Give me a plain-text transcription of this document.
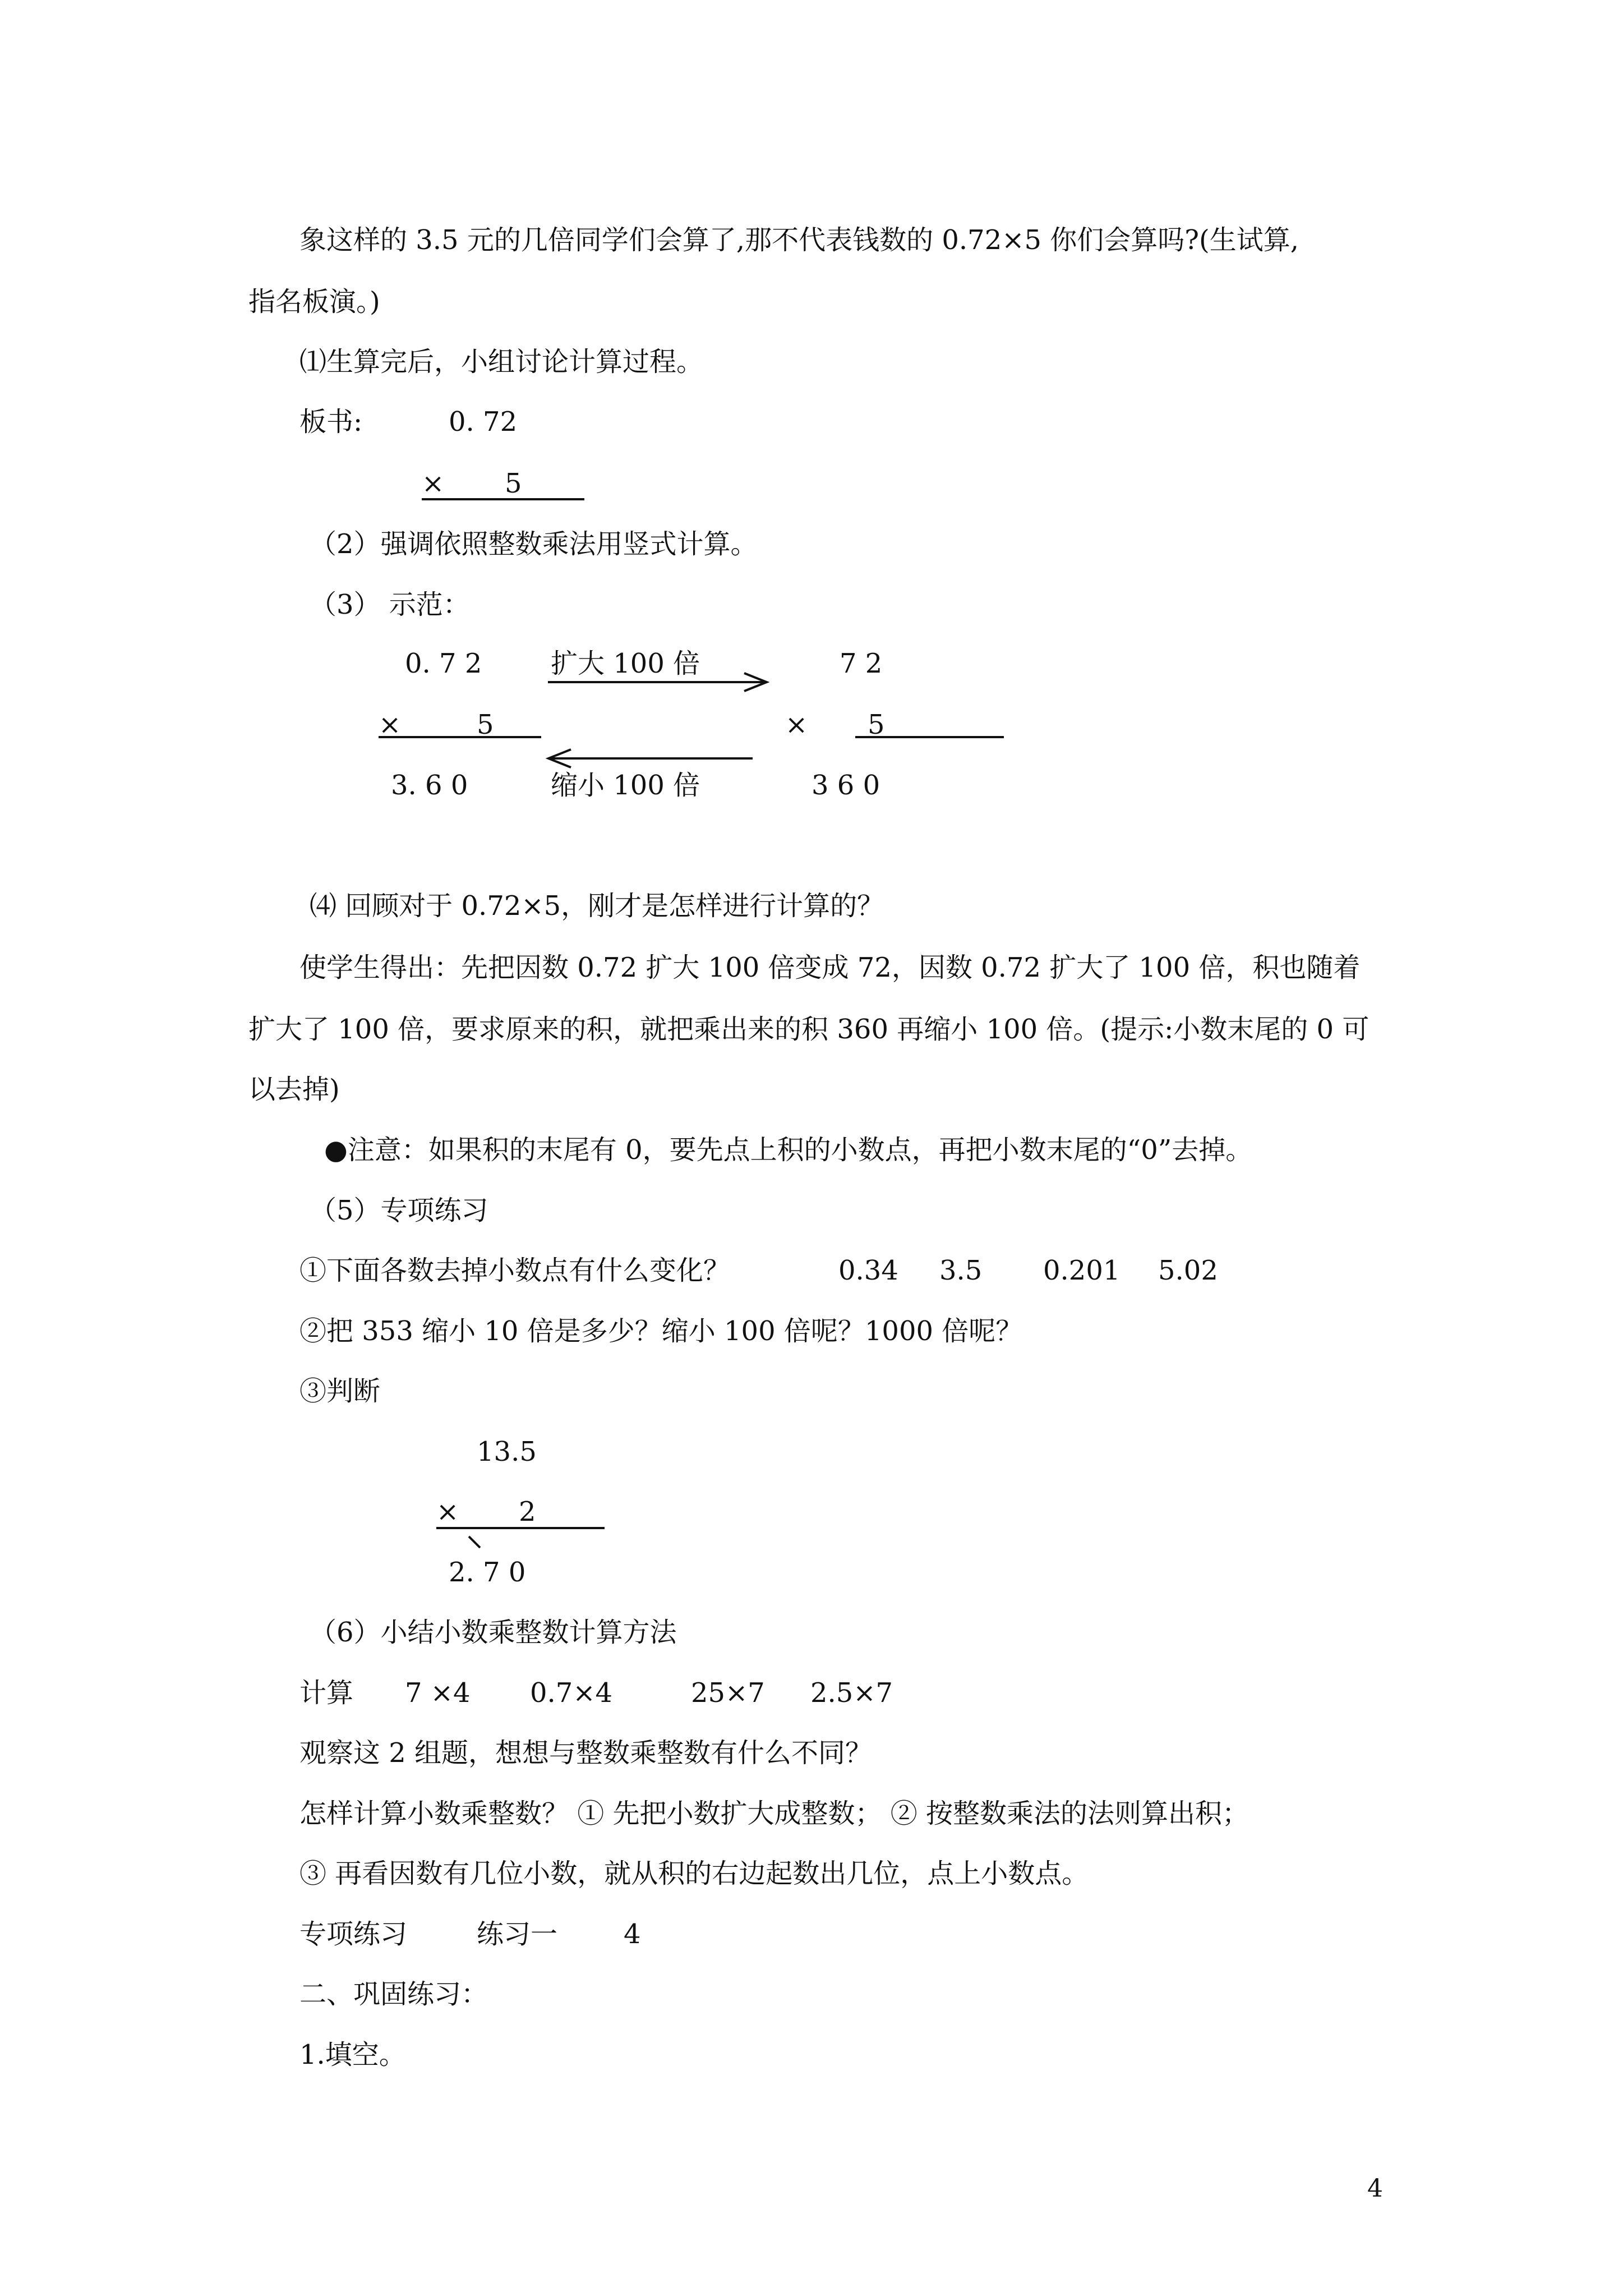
象这样的 3.5 元的几倍同学们会算了,那不代表钱数的 0.72×5 你们会算吗?(生试算,
指名板演。)
⑴生算完后，小组讨论计算过程。
板书:	0. 72
× 5
（2）强调依照整数乘法用竖式计算。
（3） 示范：
0. 7 2
×	5
3. 6 0
扩大 100 倍
缩小 100 倍
7 2
× 5
3 6 0
⑷ 回顾对于 0.72×5，刚才是怎样进行计算的？
使学生得出：先把因数 0.72 扩大 100 倍变成 72，因数 0.72 扩大了 100 倍，积也随着
扩大了 100 倍，要求原来的积，就把乘出来的积 360 再缩小 100 倍。(提示:小数末尾的 0 可
以去掉)
●注意：如果积的末尾有 0，要先点上积的小数点，再把小数末尾的“0”去掉。
（5）专项练习
①下面各数去掉小数点有什么变化？	0.34 3.5 0.201 5.02
②把 353 缩小 10 倍是多少？缩小 100 倍呢？1000 倍呢？
③判断
13.5
× 2
2. 7 0
（6）小结小数乘整数计算方法
计算 7 ×4 0.7×4	25×7 2.5×7
观察这 2 组题，想想与整数乘整数有什么不同？
怎样计算小数乘整数？ ① 先把小数扩大成整数； ② 按整数乘法的法则算出积；
③ 再看因数有几位小数，就从积的右边起数出几位，点上小数点。
专项练习	练习一 4
二、巩固练习：
1.填空。
4
